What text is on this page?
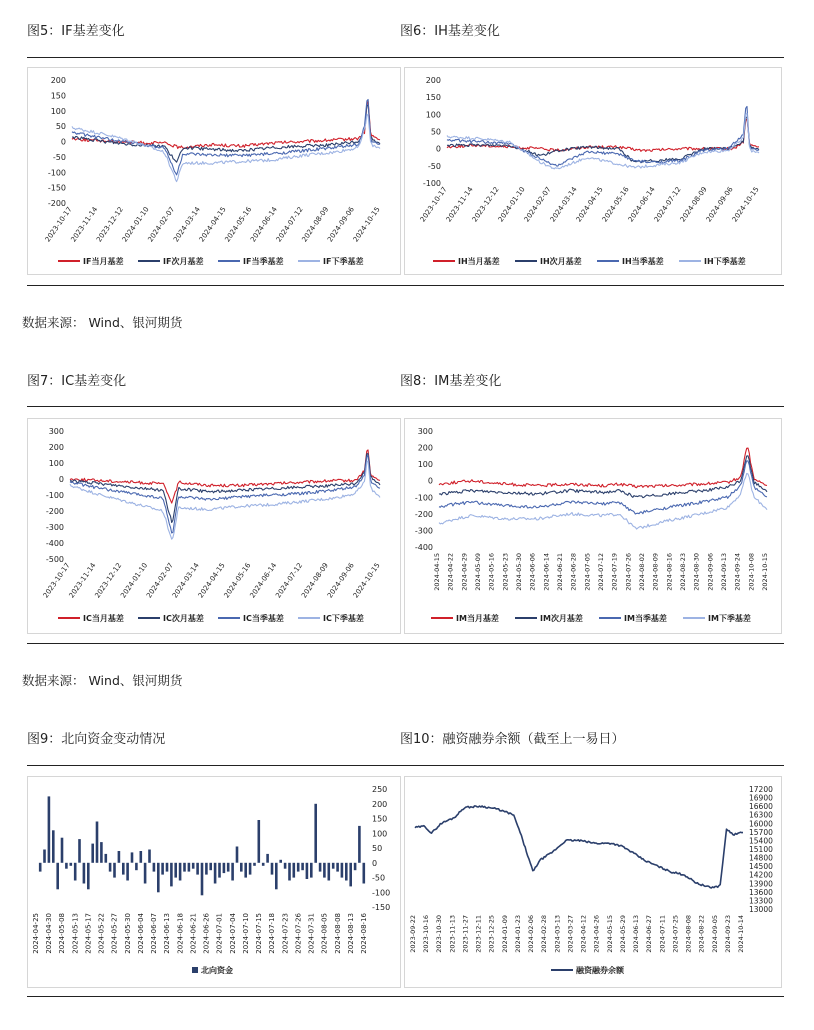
图5：IF基差变化	图6：IH基差变化
200
150
100
50
0
-50
-100
-150
-200
2023-10-17
2023-11-14
2023-12-12
2024-01-10
2024-02-07
2024-03-14
2024-04-15
2024-05-16
2024-06-14
2024-07-12
2024-08-09
2024-09-06
2024-10-15
IF当月基差	IF次月基差	IF当季基差	IF下季基差
200
150
100
50
0
-50
-100
2023-10-17
2023-11-14
2023-12-12
2024-01-10
2024-02-07
2024-03-14
2024-04-15
2024-05-16
2024-06-14
2024-07-12
2024-08-09
2024-09-06
2024-10-15
IH当月基差	IH次月基差	IH当季基差	IH下季基差
数据来源： Wind、银河期货
图7：IC基差变化	图8：IM基差变化
300
200
100
0
-100
-200
-300
-400
-500
2023-10-17
2023-11-14
2023-12-12
2024-01-10
2024-02-07
2024-03-14
2024-04-15
2024-05-16
2024-06-14
2024-07-12
2024-08-09
2024-09-06
2024-10-15
IC当月基差	IC次月基差	IC当季基差	IC下季基差
300
200
100
0
-100
-200
-300
-400
2024-04-15 2024-04-22 2024-04-29 2024-05-09 2024-05-16 2024-05-23 2024-05-30 2024-06-06 2024-06-14 2024-06-21 2024-06-28 2024-07-05 2024-07-12 2024-07-19 2024-07-26 2024-08-02 2024-08-09 2024-08-16 2024-08-23 2024-08-30 2024-09-06 2024-09-13 2024-09-24 2024-10-08 2024-10-15
IM当月基差	IM次月基差	IM当季基差	IM下季基差
数据来源： Wind、银河期货
图9：北向资金变动情况	图10：融资融券余额（截至上一易日）
250
200
150
100
50
0
-50
-100
-150
2024-04-25 2024-04-30 2024-05-08 2024-05-13 2024-05-17 2024-05-22 2024-05-27 2024-05-30 2024-06-04 2024-06-07 2024-06-13 2024-06-18 2024-06-21 2024-06-26 2024-07-01 2024-07-04 2024-07-10 2024-07-15 2024-07-18 2024-07-23 2024-07-26 2024-07-31 2024-08-05 2024-08-08 2024-08-13 2024-08-16
北向资金
17200
16900
16600
16300
16000
15700
15400
15100
14800
14500
14200
13900
13600
13300
13000
2023-09-22 2023-10-16 2023-10-30 2023-11-13 2023-11-27 2023-12-11 2023-12-25 2024-01-09 2024-01-23 2024-02-06 2024-02-28 2024-03-13 2024-03-27 2024-04-12 2024-04-26 2024-05-15 2024-05-29 2024-06-13 2024-06-27 2024-07-11 2024-07-25 2024-08-08 2024-08-22 2024-09-05 2024-09-23 2024-10-14
融资融券余额
